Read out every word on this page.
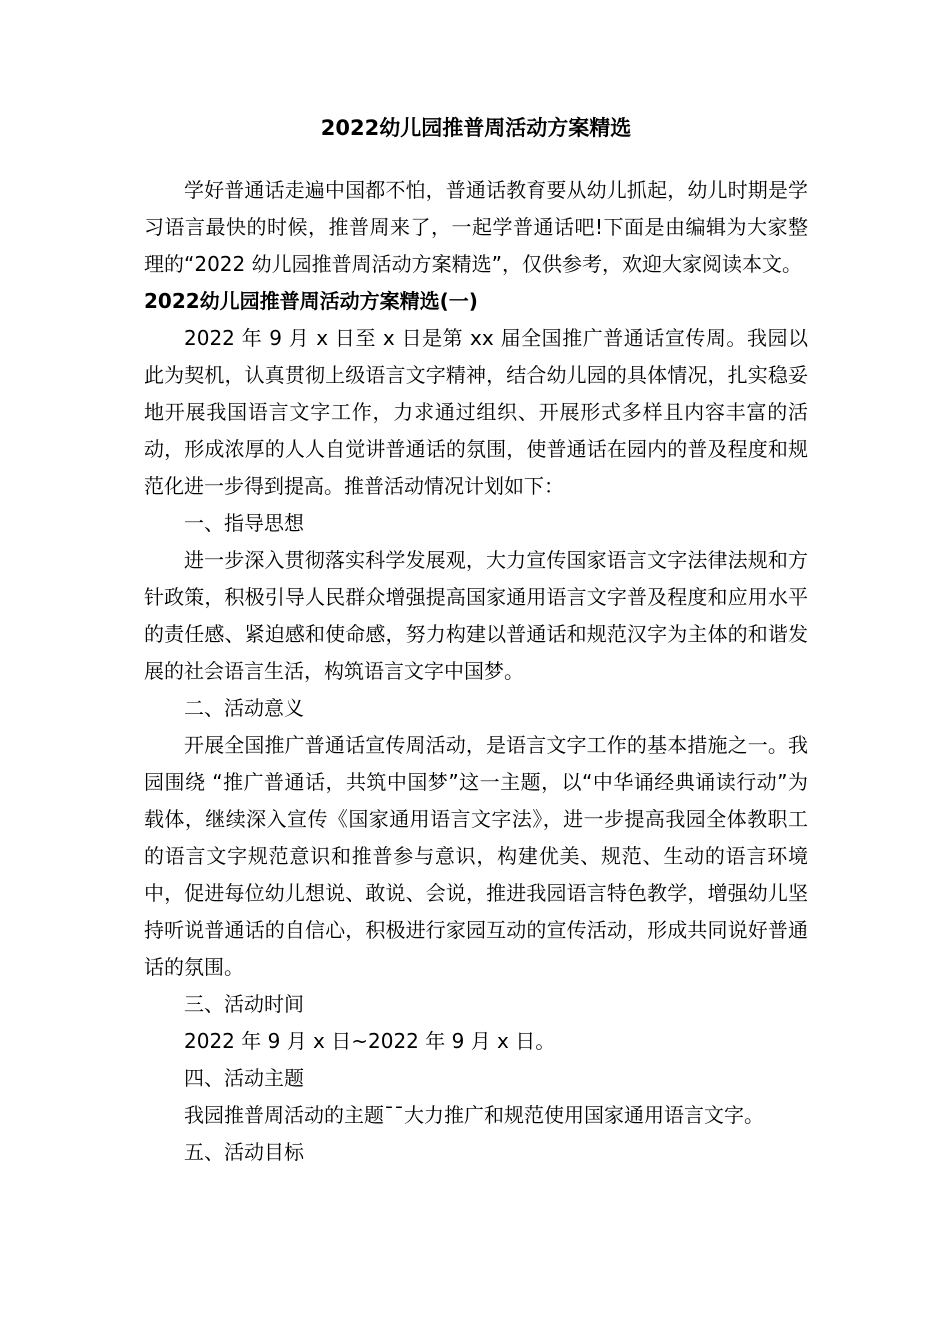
2022幼儿园推普周活动方案精选

学好普通话走遍中国都不怕，普通话教育要从幼儿抓起，幼儿时期是学习语言最快的时候，推普周来了，一起学普通话吧!下面是由编辑为大家整理的“2022 幼儿园推普周活动方案精选”，仅供参考，欢迎大家阅读本文。

2022幼儿园推普周活动方案精选(一)

2022 年 9 月 x 日至 x 日是第 xx 届全国推广普通话宣传周。我园以此为契机，认真贯彻上级语言文字精神，结合幼儿园的具体情况，扎实稳妥地开展我国语言文字工作，力求通过组织、开展形式多样且内容丰富的活动，形成浓厚的人人自觉讲普通话的氛围，使普通话在园内的普及程度和规范化进一步得到提高。推普活动情况计划如下：

一、指导思想

进一步深入贯彻落实科学发展观，大力宣传国家语言文字法律法规和方针政策，积极引导人民群众增强提高国家通用语言文字普及程度和应用水平的责任感、紧迫感和使命感，努力构建以普通话和规范汉字为主体的和谐发展的社会语言生活，构筑语言文字中国梦。

二、活动意义

开展全国推广普通话宣传周活动，是语言文字工作的基本措施之一。我园围绕 “推广普通话，共筑中国梦”这一主题，以“中华诵经典诵读行动”为载体，继续深入宣传《国家通用语言文字法》，进一步提高我园全体教职工的语言文字规范意识和推普参与意识，构建优美、规范、生动的语言环境中，促进每位幼儿想说、敢说、会说，推进我园语言特色教学，增强幼儿坚持听说普通话的自信心，积极进行家园互动的宣传活动，形成共同说好普通话的氛围。

三、活动时间

2022 年 9 月 x 日~2022 年 9 月 x 日。

四、活动主题

我园推普周活动的主题¯¯大力推广和规范使用国家通用语言文字。

五、活动目标
